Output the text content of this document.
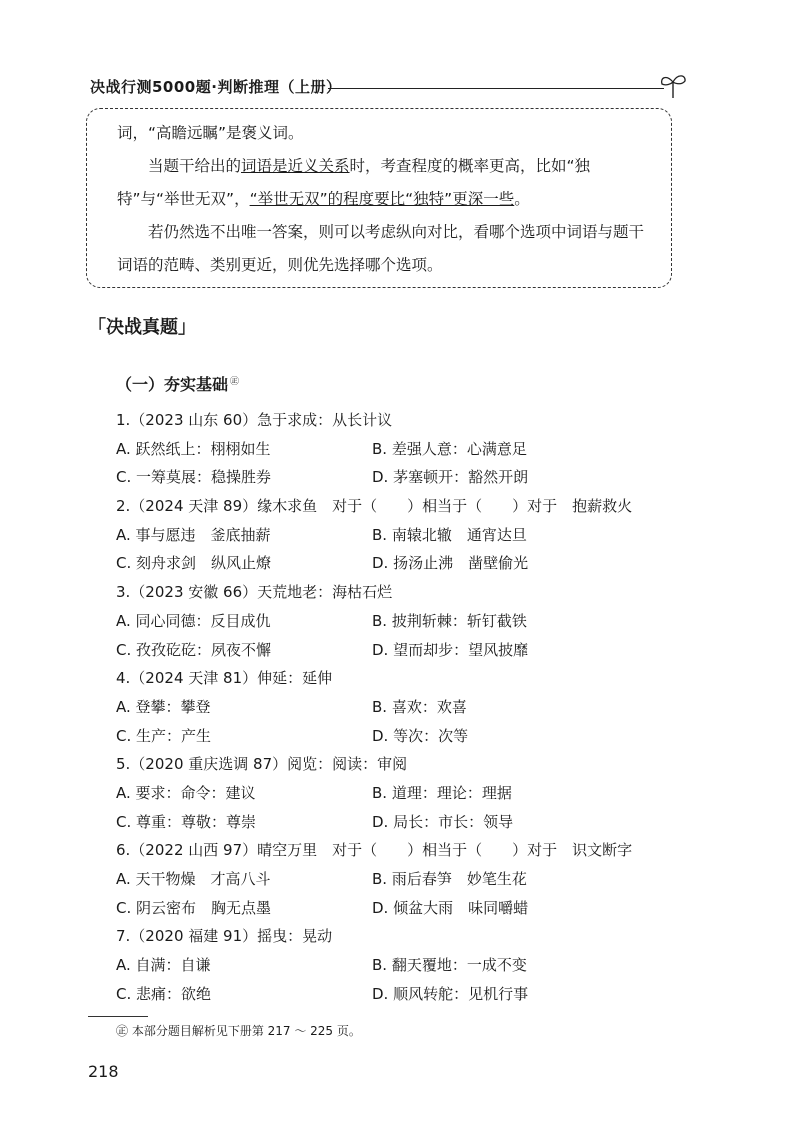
决战行测5000题·判断推理（上册）

词，“高瞻远瞩”是褒义词。

当题干给出的词语是近义关系时，考查程度的概率更高，比如“独特”与“举世无双”，“举世无双”的程度要比“独特”更深一些。

若仍然选不出唯一答案，则可以考虑纵向对比，看哪个选项中词语与题干词语的范畴、类别更近，则优先选择哪个选项。

「决战真题」
（一）夯实基础 ㊣
1.（2023 山东 60）急于求成：从长计议
A. 跃然纸上：栩栩如生	B. 差强人意：心满意足
C. 一筹莫展：稳操胜券	D. 茅塞顿开：豁然开朗
2.（2024 天津 89）缘木求鱼　对于（　　）相当于（　　）对于　抱薪救火
A. 事与愿违　釜底抽薪	B. 南辕北辙　通宵达旦
C. 刻舟求剑　纵风止燎	D. 扬汤止沸　凿壁偷光
3.（2023 安徽 66）天荒地老：海枯石烂
A. 同心同德：反目成仇	B. 披荆斩棘：斩钉截铁
C. 孜孜矻矻：夙夜不懈	D. 望而却步：望风披靡
4.（2024 天津 81）伸延：延伸
A. 登攀：攀登	B. 喜欢：欢喜
C. 生产：产生	D. 等次：次等
5.（2020 重庆选调 87）阅览：阅读：审阅
A. 要求：命令：建议	B. 道理：理论：理据
C. 尊重：尊敬：尊崇	D. 局长：市长：领导
6.（2022 山西 97）晴空万里　对于（　　）相当于（　　）对于　识文断字
A. 天干物燥　才高八斗	B. 雨后春笋　妙笔生花
C. 阴云密布　胸无点墨	D. 倾盆大雨　味同嚼蜡
7.（2020 福建 91）摇曳：晃动
A. 自满：自谦	B. 翻天覆地：一成不变
C. 悲痛：欲绝	D. 顺风转舵：见机行事
㊣ 本部分题目解析见下册第 217 ～ 225 页。
218
